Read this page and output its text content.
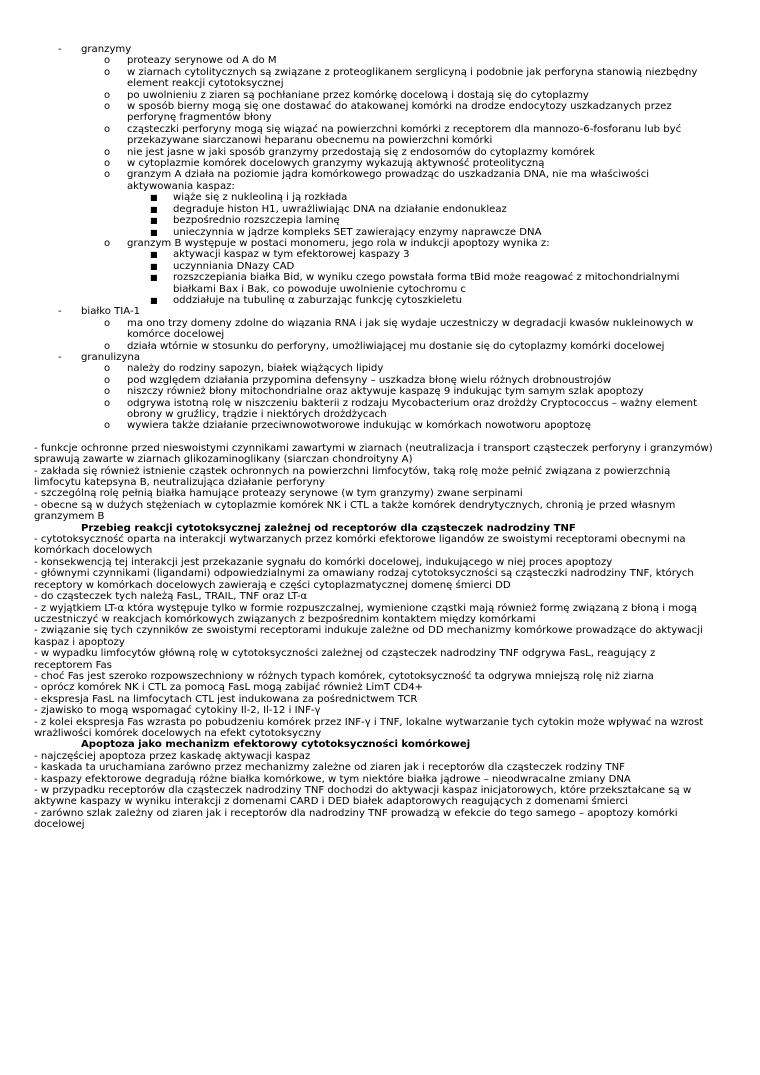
-	granzymy
o	proteazy serynowe od A do M
o	w ziarnach cytolitycznych są związane z proteoglikanem serglicyną i podobnie jak perforyna stanowią niezbędny
element reakcji cytotoksycznej
o	po uwolnieniu z ziaren są pochłaniane przez komórkę docelową i dostają się do cytoplazmy
o	w sposób bierny mogą się one dostawać do atakowanej komórki na drodze endocytozy uszkadzanych przez
perforynę fragmentów błony
o	cząsteczki perforyny mogą się wiązać na powierzchni komórki z receptorem dla mannozo-6-fosforanu lub być
przekazywane siarczanowi heparanu obecnemu na powierzchni komórki
o	nie jest jasne w jaki sposób granzymy przedostają się z endosomów do cytoplazmy komórek
o	w cytoplazmie komórek docelowych granzymy wykazują aktywność proteolityczną
o	granzym A działa na poziomie jądra komórkowego prowadząc do uszkadzania DNA, nie ma właściwości
aktywowania kaspaz:
■	wiąże się z nukleoliną i ją rozkłada
■	degraduje histon H1, uwrażliwiając DNA na działanie endonukleaz
■	bezpośrednio rozszczepia laminę
■	unieczynnia w jądrze kompleks SET zawierający enzymy naprawcze DNA
o	granzym B występuje w postaci monomeru, jego rola w indukcji apoptozy wynika z:
■	aktywacji kaspaz w tym efektorowej kaspazy 3
■	uczynniania DNazy CAD
■	rozszczepiania białka Bid, w wyniku czego powstała forma tBid może reagować z mitochondrialnymi
białkami Bax i Bak, co powoduje uwolnienie cytochromu c
■	oddziałuje na tubulinę α zaburzając funkcję cytoszkieletu
-	białko TIA-1
o	ma ono trzy domeny zdolne do wiązania RNA i jak się wydaje uczestniczy w degradacji kwasów nukleinowych w
komórce docelowej
o	działa wtórnie w stosunku do perforyny, umożliwiającej mu dostanie się do cytoplazmy komórki docelowej
-	granulizyna
o	należy do rodziny sapozyn, białek wiążących lipidy
o	pod względem działania przypomina defensyny – uszkadza błonę wielu różnych drobnoustrojów
o	niszczy również błony mitochondrialne oraz aktywuje kaspazę 9 indukując tym samym szlak apoptozy
o	odgrywa istotną rolę w niszczeniu bakterii z rodzaju Mycobacterium oraz drożdży Cryptococcus – ważny element
obrony w gruźlicy, trądzie i niektórych drożdżycach
o	wywiera także działanie przeciwnowotworowe indukując w komórkach nowotworu apoptozę
- funkcje ochronne przed nieswoistymi czynnikami zawartymi w ziarnach (neutralizacja i transport cząsteczek perforyny i granzymów)
sprawują zawarte w ziarnach glikozaminoglikany (siarczan chondroityny A)
- zakłada się również istnienie cząstek ochronnych na powierzchni limfocytów, taką rolę może pełnić związana z powierzchnią
limfocytu katepsyna B, neutralizująca działanie perforyny
- szczególną rolę pełnią białka hamujące proteazy serynowe (w tym granzymy) zwane serpinami
- obecne są w dużych stężeniach w cytoplazmie komórek NK i CTL a także komórek dendrytycznych, chronią je przed własnym
granzymem B
Przebieg reakcji cytotoksycznej zależnej od receptorów dla cząsteczek nadrodziny TNF
- cytotoksyczność oparta na interakcji wytwarzanych przez komórki efektorowe ligandów ze swoistymi receptorami obecnymi na
komórkach docelowych
- konsekwencją tej interakcji jest przekazanie sygnału do komórki docelowej, indukującego w niej proces apoptozy
- głównymi czynnikami (ligandami) odpowiedzialnymi za omawiany rodzaj cytotoksyczności są cząsteczki nadrodziny TNF, których
receptory w komórkach docelowych zawierają e części cytoplazmatycznej domenę śmierci DD
- do cząsteczek tych należą FasL, TRAIL, TNF oraz LT-α
- z wyjątkiem LT-α która występuje tylko w formie rozpuszczalnej, wymienione cząstki mają również formę związaną z błoną i mogą
uczestniczyć w reakcjach komórkowych związanych z bezpośrednim kontaktem między komórkami
- związanie się tych czynników ze swoistymi receptorami indukuje zależne od DD mechanizmy komórkowe prowadzące do aktywacji
kaspaz i apoptozy
- w wypadku limfocytów główną rolę w cytotoksyczności zależnej od cząsteczek nadrodziny TNF odgrywa FasL, reagujący z
receptorem Fas
- choć Fas jest szeroko rozpowszechniony w różnych typach komórek, cytotoksyczność ta odgrywa mniejszą rolę niż ziarna
- oprócz komórek NK i CTL za pomocą FasL mogą zabijać również LimT CD4+
- ekspresja FasL na limfocytach CTL jest indukowana za pośrednictwem TCR
- zjawisko to mogą wspomagać cytokiny Il-2, Il-12 i INF-γ
- z kolei ekspresja Fas wzrasta po pobudzeniu komórek przez INF-γ i TNF, lokalne wytwarzanie tych cytokin może wpływać na wzrost
wrażliwości komórek docelowych na efekt cytotoksyczny
Apoptoza jako mechanizm efektorowy cytotoksyczności komórkowej
- najczęściej apoptoza przez kaskadę aktywacji kaspaz
- kaskada ta uruchamiana zarówno przez mechanizmy zależne od ziaren jak i receptorów dla cząsteczek rodziny TNF
- kaspazy efektorowe degradują różne białka komórkowe, w tym niektóre białka jądrowe – nieodwracalne zmiany DNA
- w przypadku receptorów dla cząsteczek nadrodziny TNF dochodzi do aktywacji kaspaz inicjatorowych, które przekształcane są w
aktywne kaspazy w wyniku interakcji z domenami CARD i DED białek adaptorowych reagujących z domenami śmierci
- zarówno szlak zależny od ziaren jak i receptorów dla nadrodziny TNF prowadzą w efekcie do tego samego – apoptozy komórki
docelowej
